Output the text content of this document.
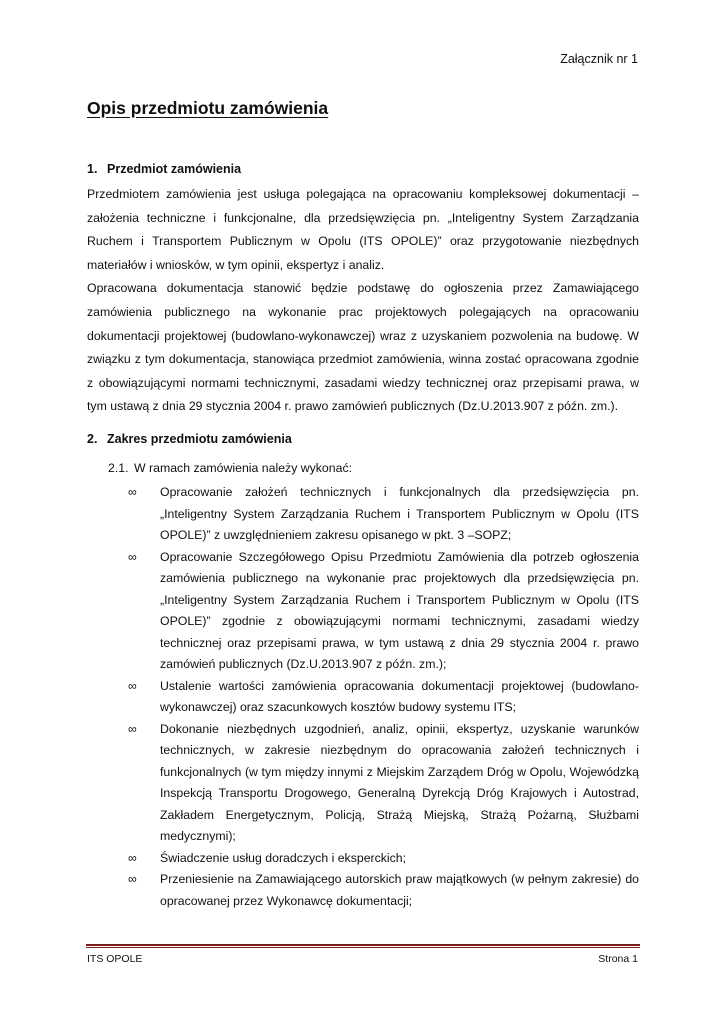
Załącznik nr 1
Opis przedmiotu zamówienia
1. Przedmiot zamówienia

Przedmiotem zamówienia jest usługa polegająca na opracowaniu kompleksowej dokumentacji – założenia techniczne i funkcjonalne, dla przedsięwzięcia pn. „Inteligentny System Zarządzania Ruchem i Transportem Publicznym w Opolu (ITS OPOLE)” oraz przygotowanie niezbędnych materiałów i wniosków, w tym opinii, ekspertyz i analiz.

Opracowana dokumentacja stanowić będzie podstawę do ogłoszenia przez Zamawiającego zamówienia publicznego na wykonanie prac projektowych polegających na opracowaniu dokumentacji projektowej (budowlano-wykonawczej) wraz z uzyskaniem pozwolenia na budowę. W związku z tym dokumentacja, stanowiąca przedmiot zamówienia, winna zostać opracowana zgodnie z obowiązującymi normami technicznymi, zasadami wiedzy technicznej oraz przepisami prawa, w tym ustawą z dnia 29 stycznia 2004 r. prawo zamówień publicznych (Dz.U.2013.907 z późn. zm.).

2. Zakres przedmiotu zamówienia
2.1. W ramach zamówienia należy wykonać:
∞	Opracowanie założeń technicznych i funkcjonalnych dla przedsięwzięcia pn. „Inteligentny System Zarządzania Ruchem i Transportem Publicznym w Opolu (ITS OPOLE)” z uwzględnieniem zakresu opisanego w pkt. 3 –SOPZ;
∞	Opracowanie Szczegółowego Opisu Przedmiotu Zamówienia dla potrzeb ogłoszenia zamówienia publicznego na wykonanie prac projektowych dla przedsięwzięcia pn. „Inteligentny System Zarządzania Ruchem i Transportem Publicznym w Opolu (ITS OPOLE)” zgodnie z obowiązującymi normami technicznymi, zasadami wiedzy technicznej oraz przepisami prawa, w tym ustawą z dnia 29 stycznia 2004 r. prawo zamówień publicznych (Dz.U.2013.907 z późn. zm.);
∞	Ustalenie wartości zamówienia opracowania dokumentacji projektowej (budowlano-wykonawczej) oraz szacunkowych kosztów budowy systemu ITS;
∞	Dokonanie niezbędnych uzgodnień, analiz, opinii, ekspertyz, uzyskanie warunków technicznych, w zakresie niezbędnym do opracowania założeń technicznych i funkcjonalnych (w tym między innymi z Miejskim Zarządem Dróg w Opolu, Wojewódzką Inspekcją Transportu Drogowego, Generalną Dyrekcją Dróg Krajowych i Autostrad, Zakładem Energetycznym, Policją, Strażą Miejską, Strażą Pożarną, Służbami medycznymi);
∞	Świadczenie usług doradczych i eksperckich;
∞	Przeniesienie na Zamawiającego autorskich praw majątkowych (w pełnym zakresie) do opracowanej przez Wykonawcę dokumentacji;
ITS OPOLE	Strona 1
